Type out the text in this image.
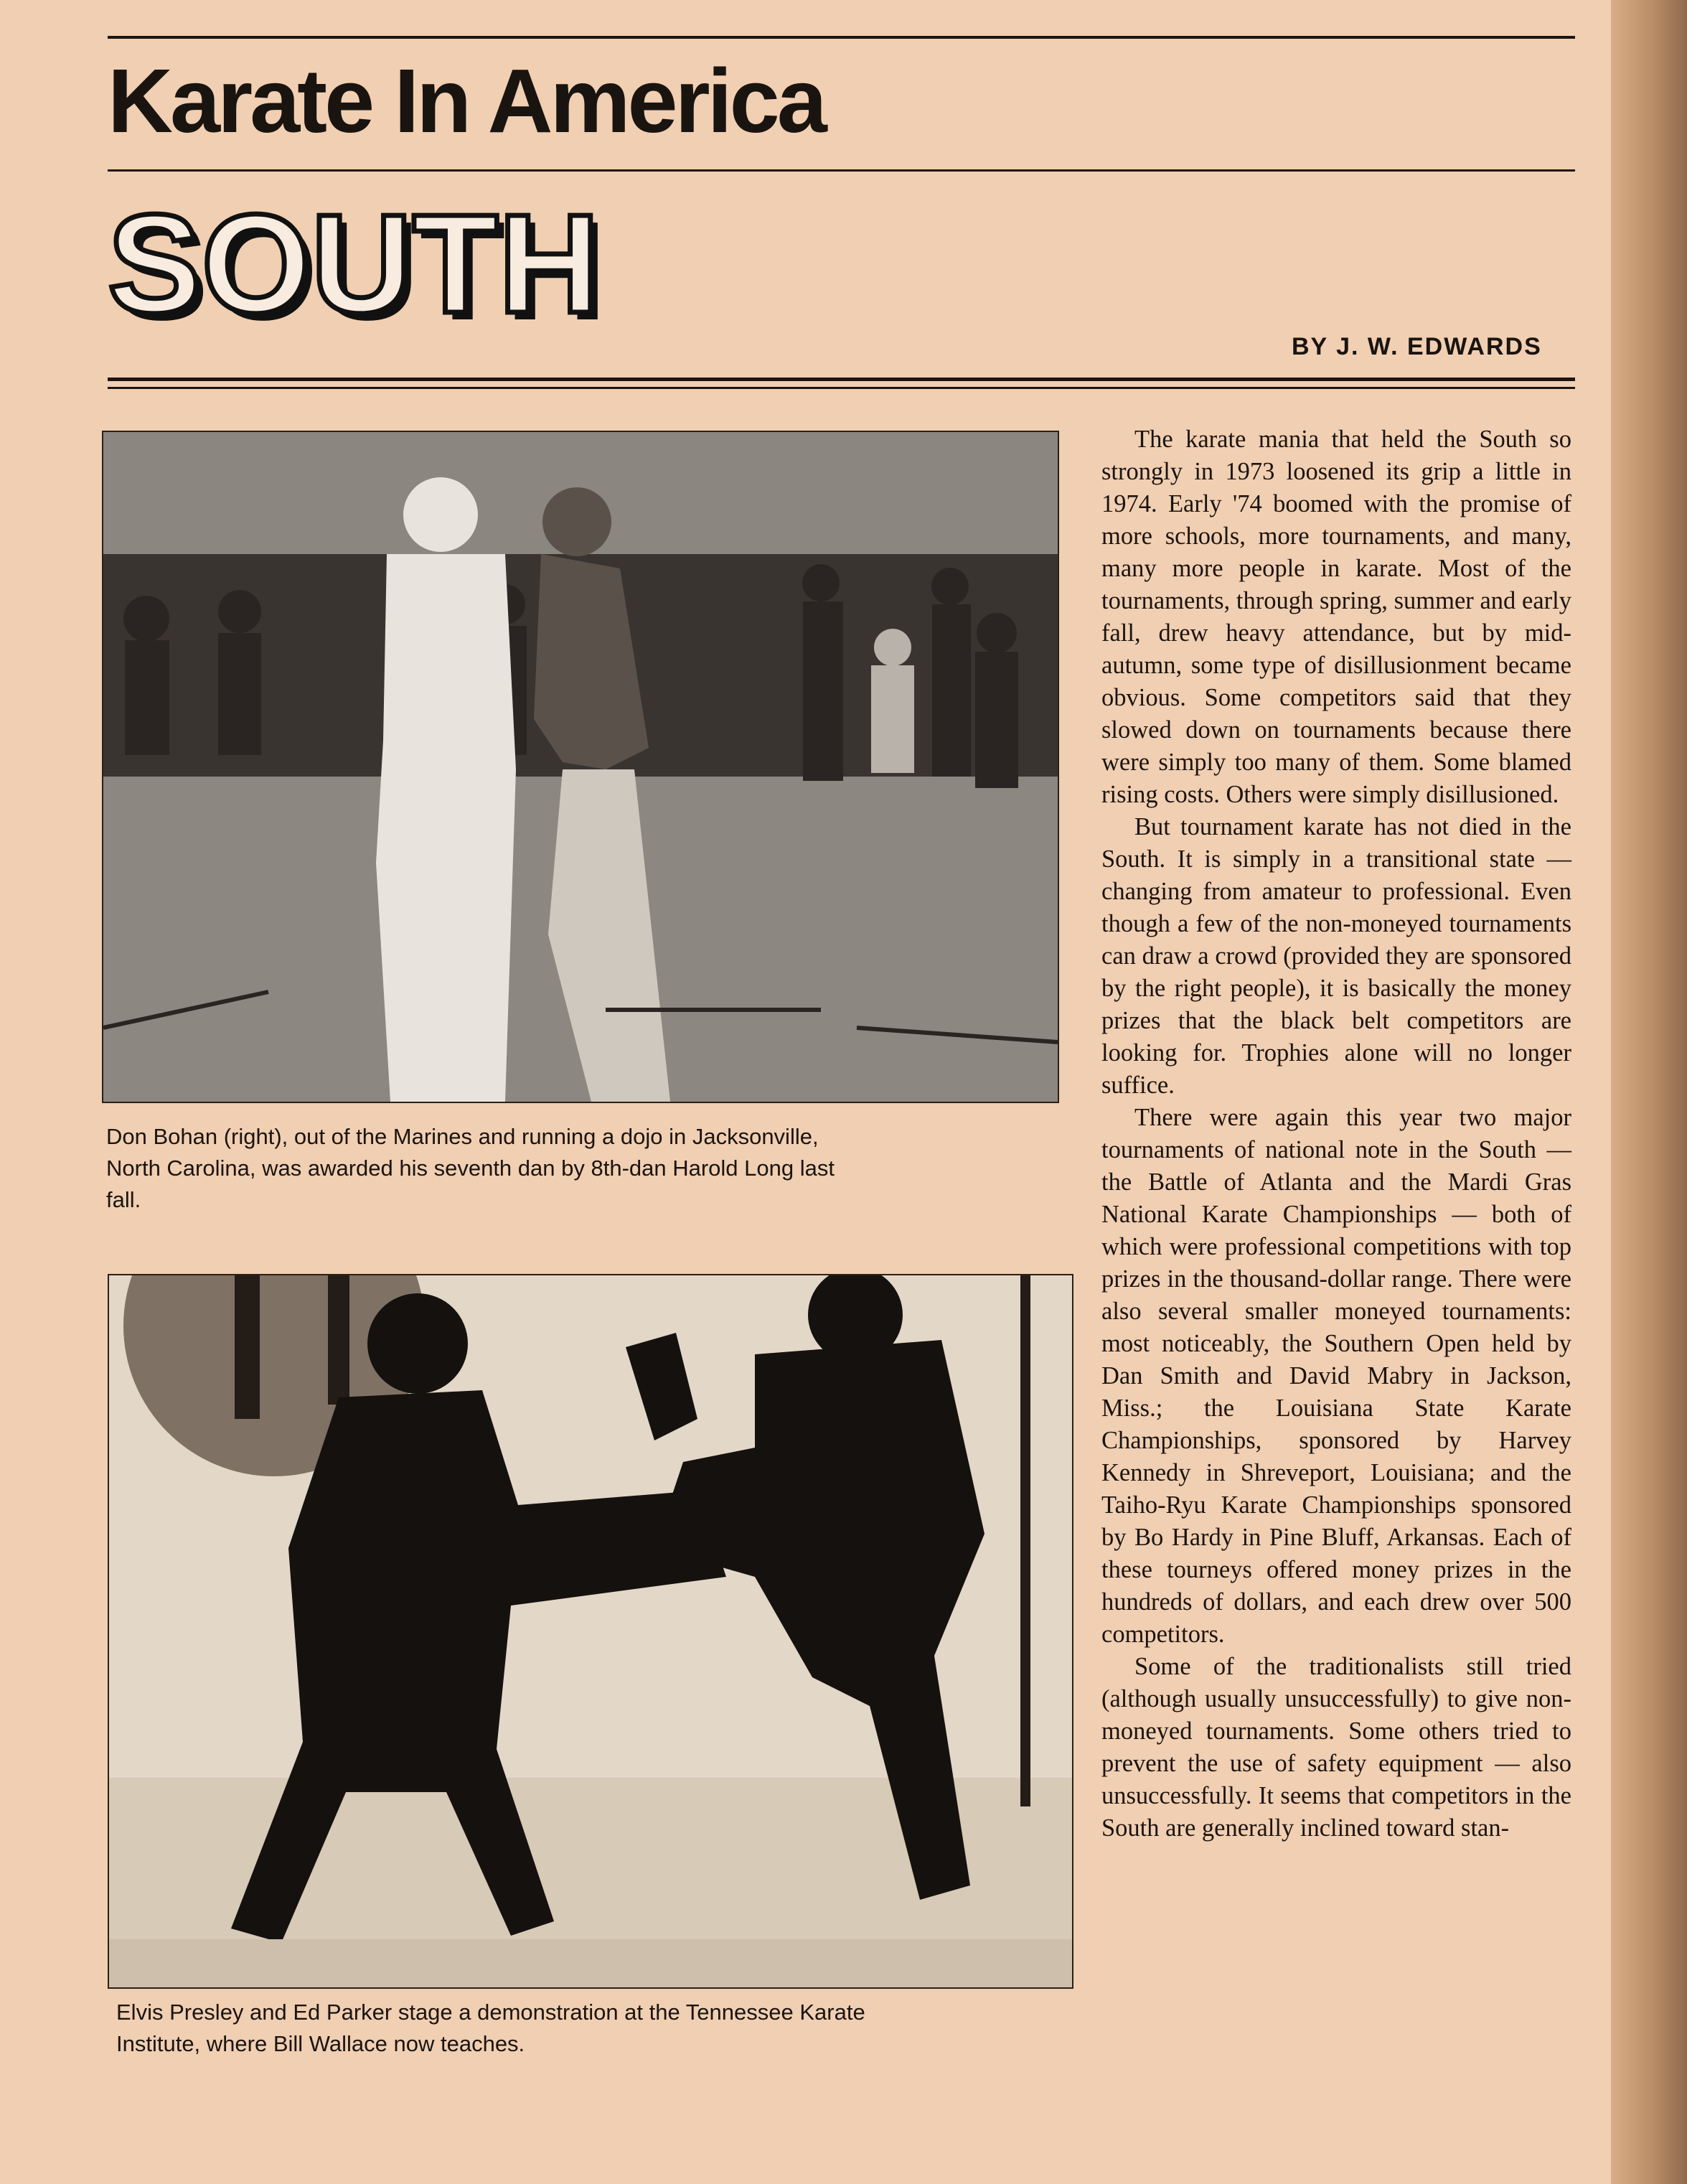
Karate In America
SOUTH
BY J. W. EDWARDS
Don Bohan (right), out of the Marines and running a dojo in Jacksonville, North Carolina, was awarded his seventh dan by 8th-dan Harold Long last fall.
Elvis Presley and Ed Parker stage a demonstration at the Tennessee Karate Institute, where Bill Wallace now teaches.

The karate mania that held the South so strongly in 1973 loosened its grip a little in 1974. Early '74 boomed with the promise of more schools, more tournaments, and many, many more people in karate. Most of the tournaments, through spring, summer and early fall, drew heavy attendance, but by mid-autumn, some type of disillusionment became obvious. Some competitors said that they slowed down on tournaments because there were simply too many of them. Some blamed rising costs. Others were simply disillusioned.

But tournament karate has not died in the South. It is simply in a transitional state — changing from amateur to professional. Even though a few of the non-moneyed tournaments can draw a crowd (provided they are sponsored by the right people), it is basically the money prizes that the black belt competitors are looking for. Trophies alone will no longer suffice.

There were again this year two major tournaments of national note in the South — the Battle of Atlanta and the Mardi Gras National Karate Championships — both of which were professional competitions with top prizes in the thousand-dollar range. There were also several smaller moneyed tournaments: most noticeably, the Southern Open held by Dan Smith and David Mabry in Jackson, Miss.; the Louisiana State Karate Championships, sponsored by Harvey Kennedy in Shreveport, Louisiana; and the Taiho-Ryu Karate Championships sponsored by Bo Hardy in Pine Bluff, Arkansas. Each of these tourneys offered money prizes in the hundreds of dollars, and each drew over 500 competitors.

Some of the traditionalists still tried (although usually unsuccessfully) to give non-moneyed tournaments. Some others tried to prevent the use of safety equipment — also unsuccessfully. It seems that competitors in the South are generally inclined toward stan-
